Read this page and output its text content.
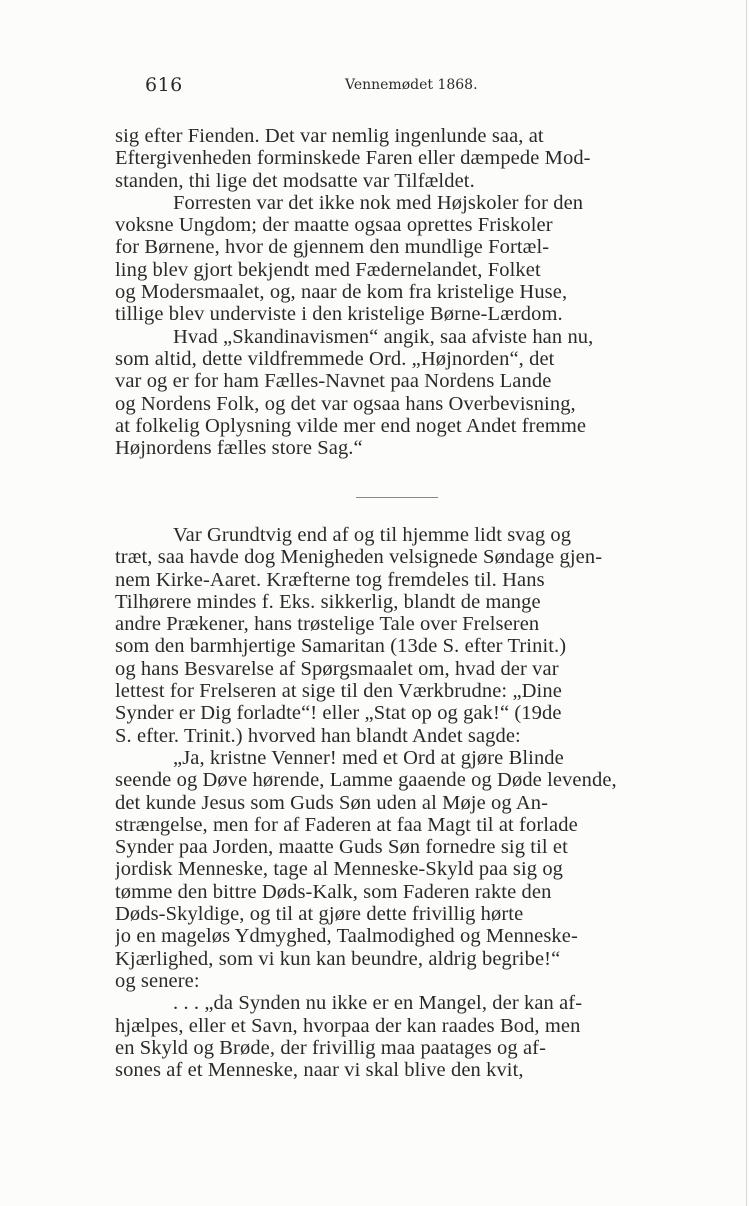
616	Vennemødet 1868.
sig efter Fienden. Det var nemlig ingenlunde saa, at
Eftergivenheden forminskede Faren eller dæmpede Mod-
standen, thi lige det modsatte var Tilfældet.
Forresten var det ikke nok med Højskoler for den
voksne Ungdom; der maatte ogsaa oprettes Friskoler
for Børnene, hvor de gjennem den mundlige Fortæl-
ling blev gjort bekjendt med Fædernelandet, Folket
og Modersmaalet, og, naar de kom fra kristelige Huse,
tillige blev underviste i den kristelige Børne-Lærdom.
Hvad „Skandinavismen“ angik, saa afviste han nu,
som altid, dette vildfremmede Ord. „Højnorden“, det
var og er for ham Fælles-Navnet paa Nordens Lande
og Nordens Folk, og det var ogsaa hans Overbevisning,
at folkelig Oplysning vilde mer end noget Andet fremme
Højnordens fælles store Sag.“
Var Grundtvig end af og til hjemme lidt svag og
træt, saa havde dog Menigheden velsignede Søndage gjen-
nem Kirke-Aaret. Kræfterne tog fremdeles til. Hans
Tilhørere mindes f. Eks. sikkerlig, blandt de mange
andre Prækener, hans trøstelige Tale over Frelseren
som den barmhjertige Samaritan (13de S. efter Trinit.)
og hans Besvarelse af Spørgsmaalet om, hvad der var
lettest for Frelseren at sige til den Værkbrudne: „Dine
Synder er Dig forladte“! eller „Stat op og gak!“ (19de
S. efter. Trinit.) hvorved han blandt Andet sagde:
„Ja, kristne Venner! med et Ord at gjøre Blinde
seende og Døve hørende, Lamme gaaende og Døde levende,
det kunde Jesus som Guds Søn uden al Møje og An-
strængelse, men for af Faderen at faa Magt til at forlade
Synder paa Jorden, maatte Guds Søn fornedre sig til et
jordisk Menneske, tage al Menneske-Skyld paa sig og
tømme den bittre Døds-Kalk, som Faderen rakte den
Døds-Skyldige, og til at gjøre dette frivillig hørte
jo en mageløs Ydmyghed, Taalmodighed og Menneske-
Kjærlighed, som vi kun kan beundre, aldrig begribe!“
og senere:
. . . „da Synden nu ikke er en Mangel, der kan af-
hjælpes, eller et Savn, hvorpaa der kan raades Bod, men
en Skyld og Brøde, der frivillig maa paatages og af-
sones af et Menneske, naar vi skal blive den kvit,
